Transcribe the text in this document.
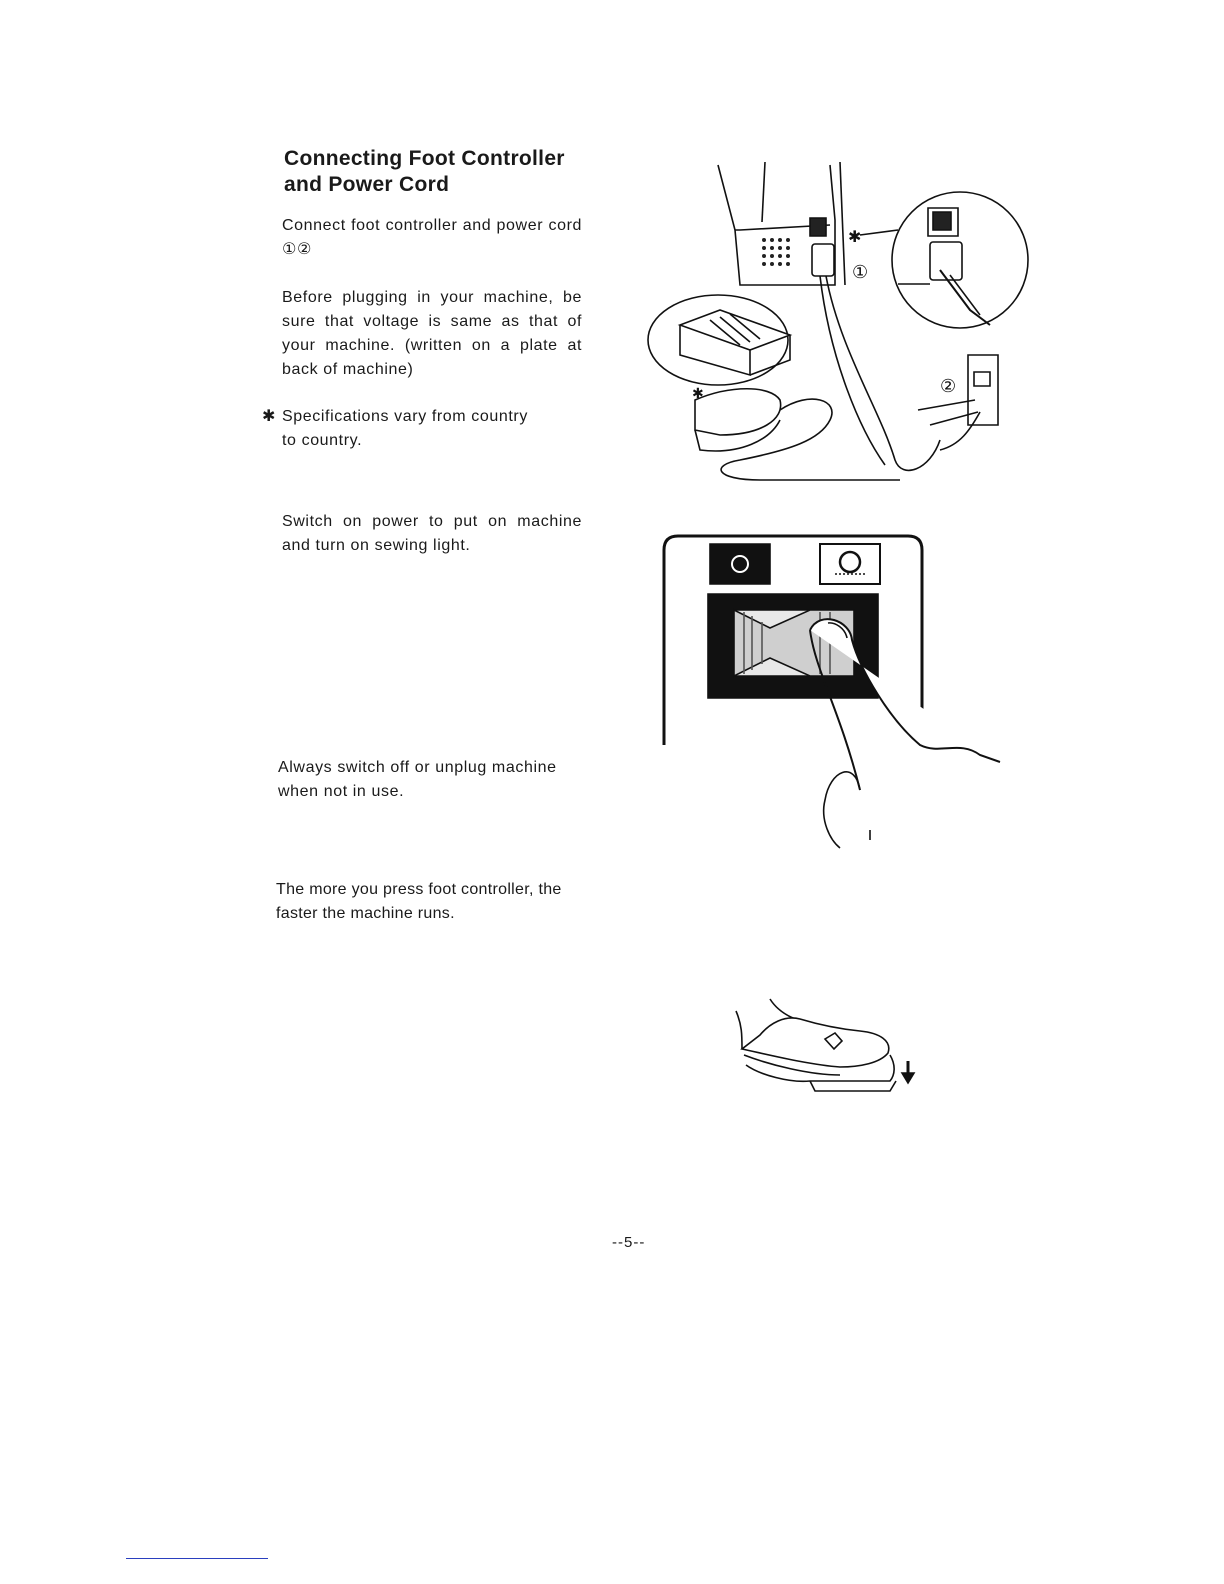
Connecting Foot Controller
and Power Cord

Connect foot controller and power cord ①②

Before plugging in your machine, be sure that voltage is same as that of your machine. (written on a plate at back of machine)

✱ Specifications vary from country
to country.

Switch on power to put on machine and turn on sewing light.

Always switch off or unplug machine when not in use.

The more you press foot controller, the faster the machine runs.

✱
①
②
✱
--5--
